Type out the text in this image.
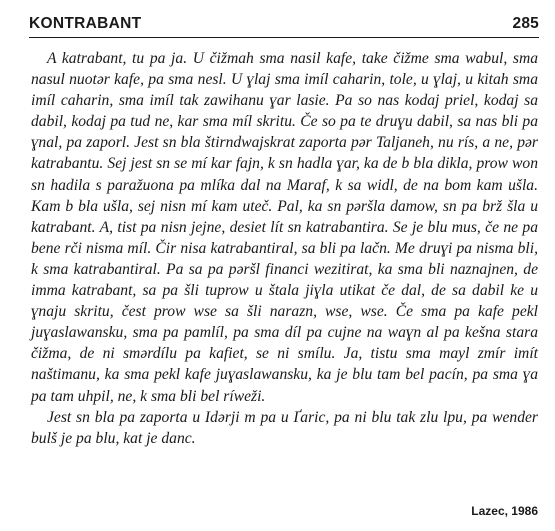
KONTRABANT	285

A katrabant, tu pa ja. U čižmah sma nasil kafe, take čižme sma wabul, sma nasul nuotər kafe, pa sma nesl. U ɣlaj sma imíl caharin, tole, u ɣlaj, u kitah sma imíl caharin, sma imíl tak zawihanu ɣar lasie. Pa so nas kodaj priel, kodaj sa dabil, kodaj pa tud ne, kar sma míl skritu. Če so pa te druɣu dabil, sa nas bli pa ɣnal, pa zaporl. Jest sn bla štirndwajskrat zaporta pər Taljaneh, nu rís, a ne, pər katrabantu. Sej jest sn se mí kar fajn, k sn hadla ɣar, ka de b bla dikla, prow won sn hadila s paražuona pa mlíka dal na Maraf, k sa widl, de na bom kam ušla. Kam b bla ušla, sej nisn mí kam uteč. Pal, ka sn pəršla damow, sn pa brž šla u katrabant. A, tist pa nisn jejne, desiet lít sn katrabantira. Se je blu mus, če ne pa bene rči nisma míl. Čir nisa katrabantiral, sa bli pa lačn. Me druɣi pa nisma bli, k sma katrabantiral. Pa sa pa pəršl financi wezitirat, ka sma bli naznajnen, de imma katrabant, sa pa šli tuprow u štala jiɣla utikat če dal, de sa dabil ke u ɣnaju skritu, čest prow wse sa šli narazn, wse, wse. Če sma pa kafe pekl juɣaslawansku, sma pa pamlíl, pa sma díl pa cujne na waɣn al pa kešna stara čižma, de ni smərdílu pa kafiet, se ni smílu. Ja, tistu sma mayl zmír imít naštimanu, ka sma pekl kafe juɣaslawansku, ka je blu tam bel pacín, pa sma ɣa pa tam uhpil, ne, k sma bli bel ríweži.

Jest sn bla pa zaporta u Idərji m pa u Ґaric, pa ni blu tak zlu lpu, pa wender bulš je pa blu, kat je danc.

Lazec, 1986
